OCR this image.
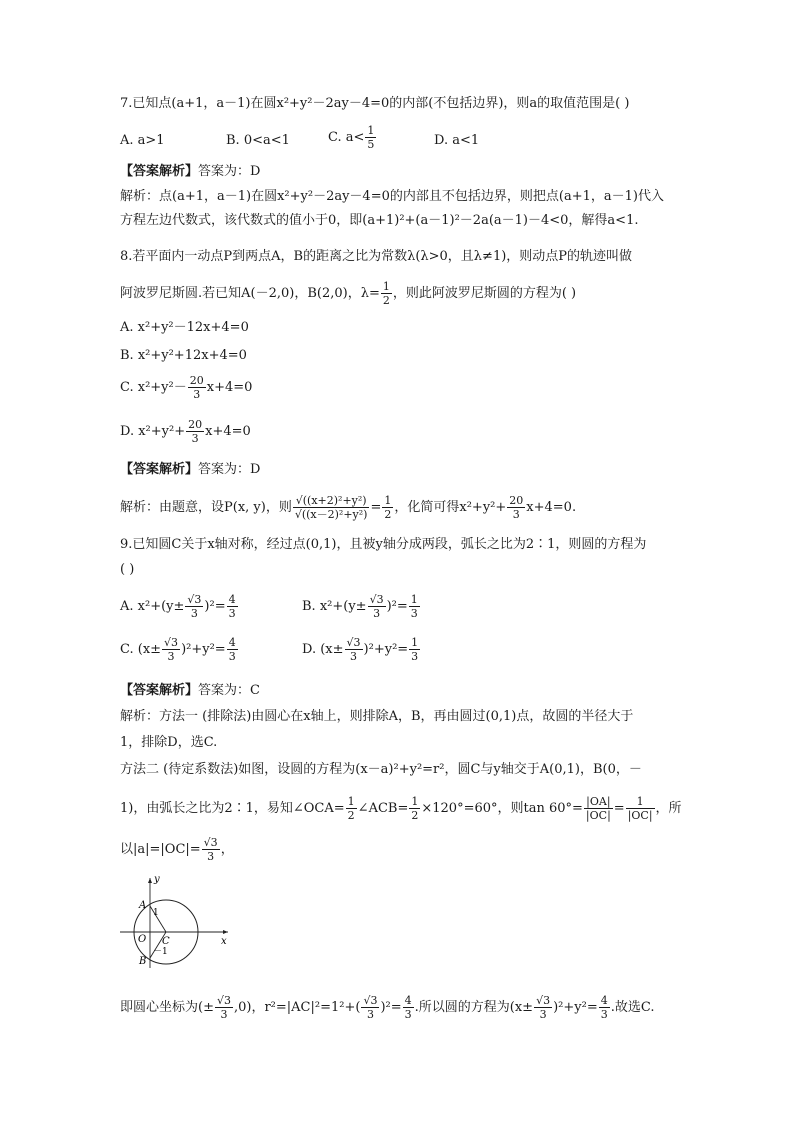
7.已知点(a+1，a－1)在圆x²+y²－2ay－4=0的内部(不包括边界)，则a的取值范围是( )
A. a>1	B. 0<a<1	C. $a< \frac{1}{5}$	D. a<1
【答案解析】答案为：D
解析：点(a+1，a－1)在圆x²+y²－2ay－4=0的内部且不包括边界，则把点(a+1，a－1)代入
方程左边代数式，该代数式的值小于0，即(a+1)²+(a－1)²－2a(a－1)－4<0，解得a<1.
8.若平面内一动点P到两点A，B的距离之比为常数λ(λ>0，且λ≠1)，则动点P的轨迹叫做
阿波罗尼斯圆.若已知A(－2,0)，B(2,0)，$\lambda= \frac{1}{2}$ ，则此阿波罗尼斯圆的方程为( )
A. x²+y²－12x+4=0
B. x²+y²+12x+4=0
C. $x^2+y^2- \frac{20}{3} x+4=0$
D. $x^2+y^2+ \frac{20}{3} x+4=0$
【答案解析】答案为：D
解析：由题意，设P(x, y)，则 $\frac{\text{√((x+2)²+y²)}}{\text{√((x－2)²+y²)}} = \frac{1}{2}$ ，化简可得$x^2+y^2+ \frac{20}{3} x+4=0$.
9.已知圆C关于x轴对称，经过点(0,1)，且被y轴分成两段，弧长之比为2∶1，则圆的方程为
( )
A. $x^2+(y\pm \frac{√3}{3} )^2= \frac{4}{3}$	B. $x^2+(y\pm \frac{√3}{3} )^2= \frac{1}{3}$
C. $(x\pm \frac{√3}{3} )^2+y^2= \frac{4}{3}$	D. $(x\pm \frac{√3}{3} )^2+y^2= \frac{1}{3}$
【答案解析】答案为：C
解析：方法一 (排除法)由圆心在x轴上，则排除A，B，再由圆过(0,1)点，故圆的半径大于
1，排除D，选C.
方法二 (待定系数法)如图，设圆的方程为(x－a)²+y²=r²，圆C与y轴交于A(0,1)，B(0，－
1)，由弧长之比为2∶1，易知∠OCA= $\frac{1}{2}$ ∠ACB= $\frac{1}{2} \times 120^\circ=60^\circ$，则$\tan 60^\circ= \frac{|OA|}{|OC|} = \frac{1}{|OC|}$ ，所
以$|a|=|OC|= \frac{√3}{3}$ ，
y
x
A
1
O C
B
－1
即圆心坐标为(± $\frac{√3}{3} ,0$)，$r^2=|AC|^2=1^2+( \frac{√3}{3} )^2= \frac{4}{3}$ .所以圆的方程为$(x\pm \frac{√3}{3} )^2+y^2= \frac{4}{3}$ .故选C.
